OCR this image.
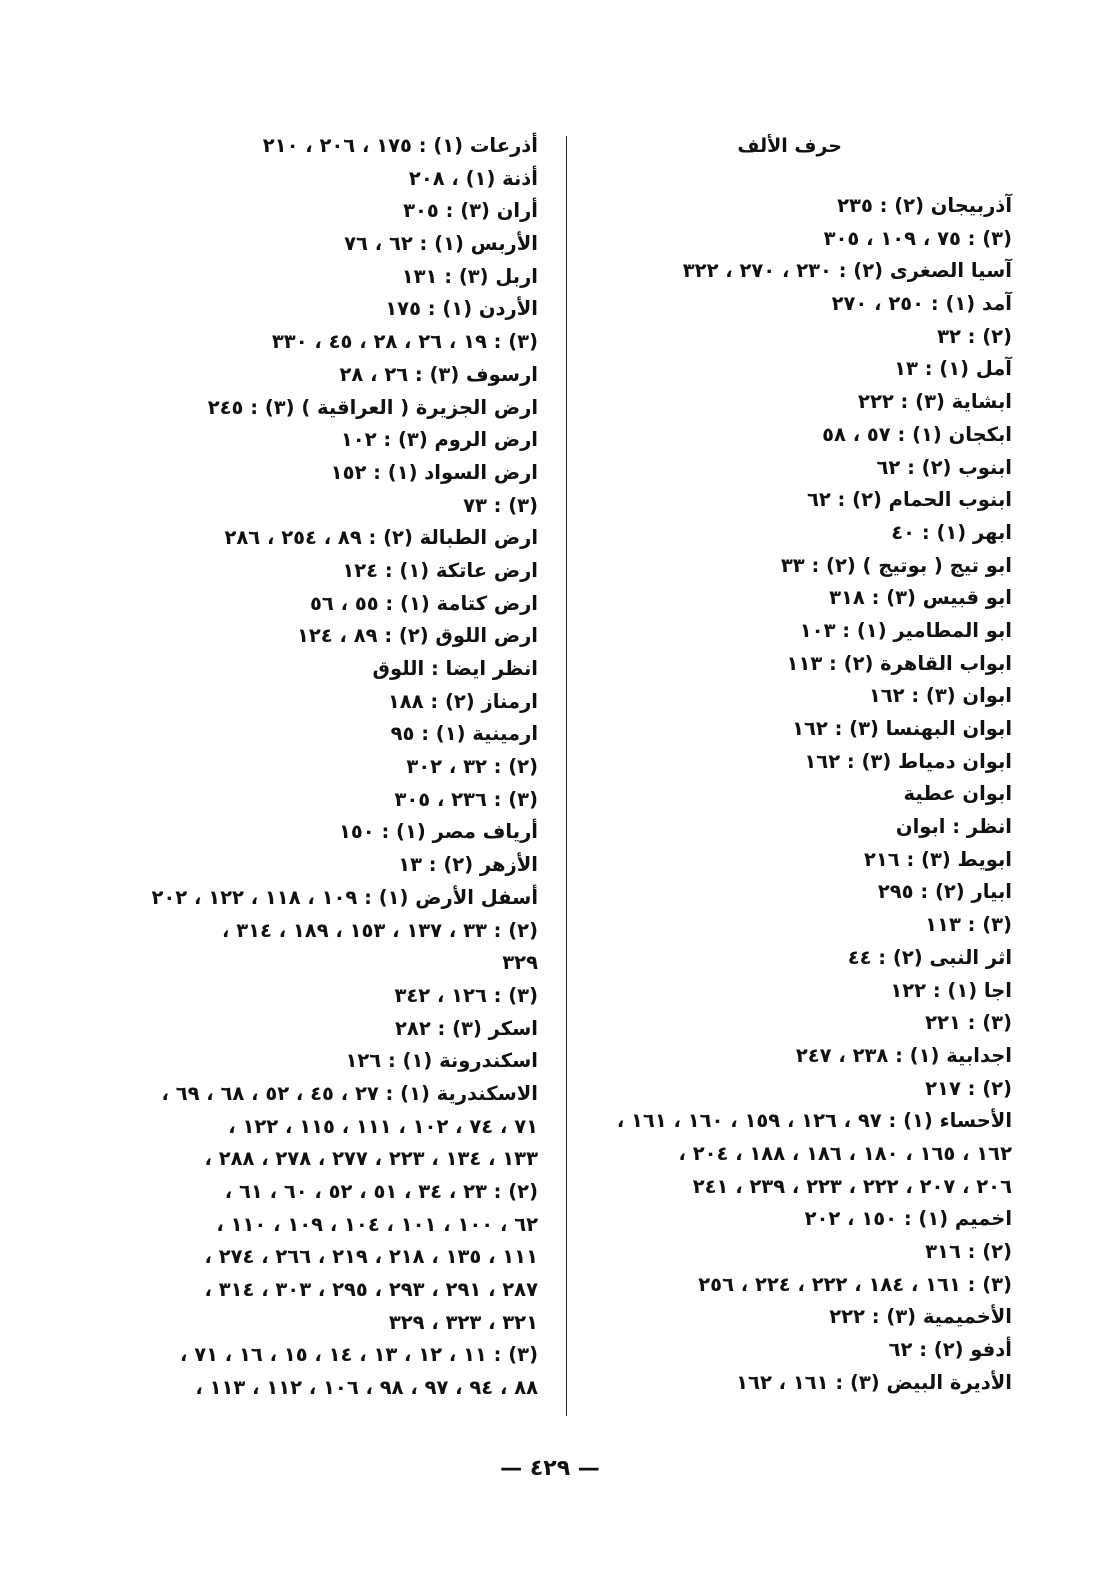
حرف الألف
آذربيجان (٢) : ٢٣٥
(٣) : ٧٥ ، ١٠٩ ، ٣٠٥
آسيا الصغرى (٢) : ٢٣٠ ، ٢٧٠ ، ٣٢٢
آمد (١) : ٢٥٠ ، ٢٧٠
(٢) : ٣٢
آمل (١) : ١٣
ابشاية (٣) : ٢٢٢
ابكجان (١) : ٥٧ ، ٥٨
ابنوب (٢) : ٦٢
ابنوب الحمام (٢) : ٦٢
ابهر (١) : ٤٠
ابو تيج ( بوتيج ) (٢) : ٣٣
ابو قبيس (٣) : ٣١٨
ابو المطامير (١) : ١٠٣
ابواب القاهرة (٢) : ١١٣
ابوان (٣) : ١٦٢
ابوان البهنسا (٣) : ١٦٢
ابوان دمياط (٣) : ١٦٢
ابوان عطية
انظر : ابوان
ابويط (٣) : ٢١٦
ابيار (٢) : ٢٩٥
(٣) : ١١٣
اثر النبى (٢) : ٤٤
اجا (١) : ١٢٢
(٣) : ٢٢١
اجدابية (١) : ٢٣٨ ، ٢٤٧
(٢) : ٢١٧
الأحساء (١) : ٩٧ ، ١٢٦ ، ١٥٩ ، ١٦٠ ، ١٦١ ،
١٦٢ ، ١٦٥ ، ١٨٠ ، ١٨٦ ، ١٨٨ ، ٢٠٤ ،
٢٠٦ ، ٢٠٧ ، ٢٢٢ ، ٢٢٣ ، ٢٣٩ ، ٢٤١
اخميم (١) : ١٥٠ ، ٢٠٢
(٢) : ٣١٦
(٣) : ١٦١ ، ١٨٤ ، ٢٢٢ ، ٢٢٤ ، ٢٥٦
الأخميمية (٣) : ٢٢٢
أدفو (٢) : ٦٢
الأديرة البيض (٣) : ١٦١ ، ١٦٢
أذرعات (١) : ١٧٥ ، ٢٠٦ ، ٢١٠
أذنة (١) ، ٢٠٨
أران (٣) : ٣٠٥
الأربس (١) : ٦٢ ، ٧٦
اربل (٣) : ١٣١
الأردن (١) : ١٧٥
(٣) : ١٩ ، ٢٦ ، ٢٨ ، ٤٥ ، ٣٣٠
ارسوف (٣) : ٢٦ ، ٢٨
ارض الجزيرة ( العراقية ) (٣) : ٢٤٥
ارض الروم (٣) : ١٠٢
ارض السواد (١) : ١٥٢
(٣) : ٧٣
ارض الطبالة (٢) : ٨٩ ، ٢٥٤ ، ٢٨٦
ارض عاتكة (١) : ١٢٤
ارض كتامة (١) : ٥٥ ، ٥٦
ارض اللوق (٢) : ٨٩ ، ١٢٤
انظر ايضا : اللوق
ارمناز (٢) : ١٨٨
ارمينية (١) : ٩٥
(٢) : ٣٢ ، ٣٠٢
(٣) : ٢٣٦ ، ٣٠٥
أرياف مصر (١) : ١٥٠
الأزهر (٢) : ١٣
أسفل الأرض (١) : ١٠٩ ، ١١٨ ، ١٢٢ ، ٢٠٢
(٢) : ٣٣ ، ١٣٧ ، ١٥٣ ، ١٨٩ ، ٣١٤ ،
٣٢٩
(٣) : ١٢٦ ، ٣٤٢
اسكر (٣) : ٢٨٢
اسكندرونة (١) : ١٢٦
الاسكندرية (١) : ٢٧ ، ٤٥ ، ٥٢ ، ٦٨ ، ٦٩ ،
٧١ ، ٧٤ ، ١٠٢ ، ١١١ ، ١١٥ ، ١٢٢ ،
١٣٣ ، ١٣٤ ، ٢٢٣ ، ٢٧٧ ، ٢٧٨ ، ٢٨٨ ،
(٢) : ٢٣ ، ٣٤ ، ٥١ ، ٥٢ ، ٦٠ ، ٦١ ،
٦٢ ، ١٠٠ ، ١٠١ ، ١٠٤ ، ١٠٩ ، ١١٠ ،
١١١ ، ١٣٥ ، ٢١٨ ، ٢١٩ ، ٢٦٦ ، ٢٧٤ ،
٢٨٧ ، ٢٩١ ، ٢٩٣ ، ٢٩٥ ، ٣٠٣ ، ٣١٤ ،
٣٢١ ، ٣٢٣ ، ٣٢٩
(٣) : ١١ ، ١٢ ، ١٣ ، ١٤ ، ١٥ ، ١٦ ، ٧١ ،
٨٨ ، ٩٤ ، ٩٧ ، ٩٨ ، ١٠٦ ، ١١٢ ، ١١٣ ،
— ٤٢٩ —
